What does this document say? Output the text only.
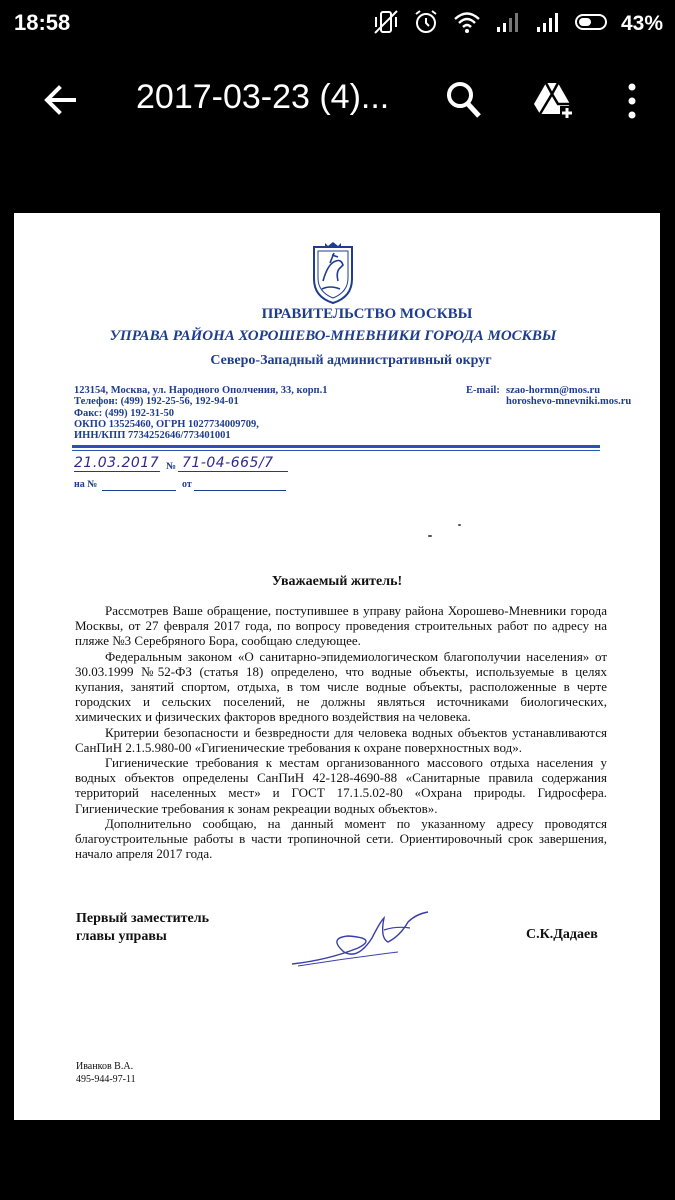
18:58	43%
2017-03-23 (4)...
ПРАВИТЕЛЬСТВО МОСКВЫ
УПРАВА РАЙОНА ХОРОШЕВО-МНЕВНИКИ ГОРОДА МОСКВЫ
Северо-Западный административный округ
123154, Москва, ул. Народного Ополчения, 33, корп.1
Телефон: (499) 192-25-56, 192-94-01
Факс: (499) 192-31-50
ОКПО 13525460, ОГРН 1027734009709,
ИНН/КПП 7734252646/773401001
E-mail: szao-hormn@mos.ru
horoshevo-mnevniki.mos.ru
21.03.2017 № 71-04-665/7
на №	от
Уважаемый житель!

Рассмотрев Ваше обращение, поступившее в управу района Хорошево-Мневники города Москвы, от 27 февраля 2017 года, по вопросу проведения строительных работ по адресу на пляже №3 Серебряного Бора, сообщаю следующее.

Федеральным законом «О санитарно-эпидемиологическом благополучии населения» от 30.03.1999 №52-ФЗ (статья 18) определено, что водные объекты, используемые в целях купания, занятий спортом, отдыха, в том числе водные объекты, расположенные в черте городских и сельских поселений, не должны являться источниками биологических, химических и физических факторов вредного воздействия на человека.

Критерии безопасности и безвредности для человека водных объектов устанавливаются СанПиН 2.1.5.980-00 «Гигиенические требования к охране поверхностных вод».

Гигиенические требования к местам организованного массового отдыха населения у водных объектов определены СанПиН 42-128-4690-88 «Санитарные правила содержания территорий населенных мест» и ГОСТ 17.1.5.02-80 «Охрана природы. Гидросфера. Гигиенические требования к зонам рекреации водных объектов».

Дополнительно сообщаю, на данный момент по указанному адресу проводятся благоустроительные работы в части тропиночной сети. Ориентировочный срок завершения, начало апреля 2017 года.

Первый заместитель
главы управы	С.К.Дадаев
Иванков В.А.
495-944-97-11
